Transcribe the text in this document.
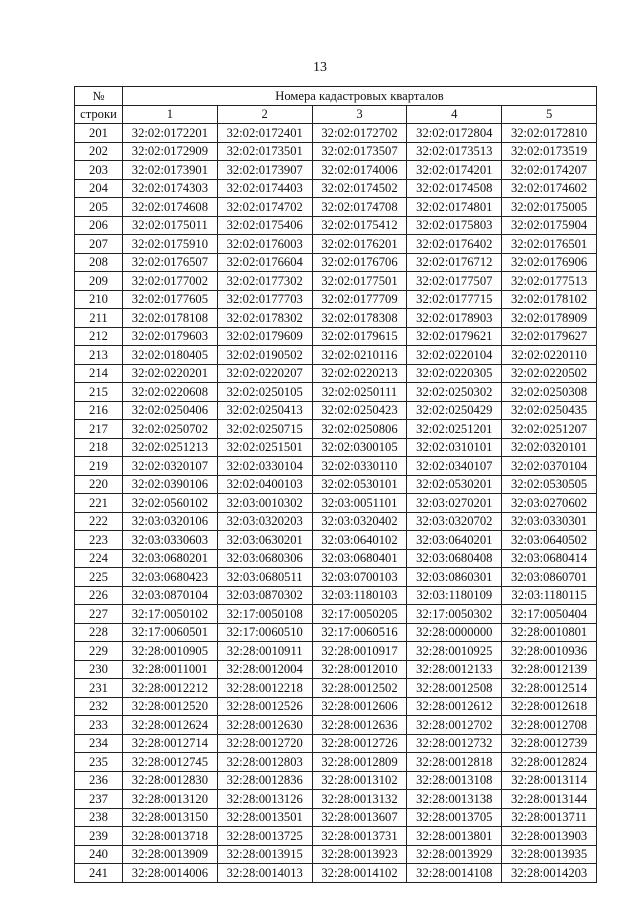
13
№	Номера кадастровых кварталов				
строки	1	2	3	4	5
201	32:02:0172201	32:02:0172401	32:02:0172702	32:02:0172804	32:02:0172810
202	32:02:0172909	32:02:0173501	32:02:0173507	32:02:0173513	32:02:0173519
203	32:02:0173901	32:02:0173907	32:02:0174006	32:02:0174201	32:02:0174207
204	32:02:0174303	32:02:0174403	32:02:0174502	32:02:0174508	32:02:0174602
205	32:02:0174608	32:02:0174702	32:02:0174708	32:02:0174801	32:02:0175005
206	32:02:0175011	32:02:0175406	32:02:0175412	32:02:0175803	32:02:0175904
207	32:02:0175910	32:02:0176003	32:02:0176201	32:02:0176402	32:02:0176501
208	32:02:0176507	32:02:0176604	32:02:0176706	32:02:0176712	32:02:0176906
209	32:02:0177002	32:02:0177302	32:02:0177501	32:02:0177507	32:02:0177513
210	32:02:0177605	32:02:0177703	32:02:0177709	32:02:0177715	32:02:0178102
211	32:02:0178108	32:02:0178302	32:02:0178308	32:02:0178903	32:02:0178909
212	32:02:0179603	32:02:0179609	32:02:0179615	32:02:0179621	32:02:0179627
213	32:02:0180405	32:02:0190502	32:02:0210116	32:02:0220104	32:02:0220110
214	32:02:0220201	32:02:0220207	32:02:0220213	32:02:0220305	32:02:0220502
215	32:02:0220608	32:02:0250105	32:02:0250111	32:02:0250302	32:02:0250308
216	32:02:0250406	32:02:0250413	32:02:0250423	32:02:0250429	32:02:0250435
217	32:02:0250702	32:02:0250715	32:02:0250806	32:02:0251201	32:02:0251207
218	32:02:0251213	32:02:0251501	32:02:0300105	32:02:0310101	32:02:0320101
219	32:02:0320107	32:02:0330104	32:02:0330110	32:02:0340107	32:02:0370104
220	32:02:0390106	32:02:0400103	32:02:0530101	32:02:0530201	32:02:0530505
221	32:02:0560102	32:03:0010302	32:03:0051101	32:03:0270201	32:03:0270602
222	32:03:0320106	32:03:0320203	32:03:0320402	32:03:0320702	32:03:0330301
223	32:03:0330603	32:03:0630201	32:03:0640102	32:03:0640201	32:03:0640502
224	32:03:0680201	32:03:0680306	32:03:0680401	32:03:0680408	32:03:0680414
225	32:03:0680423	32:03:0680511	32:03:0700103	32:03:0860301	32:03:0860701
226	32:03:0870104	32:03:0870302	32:03:1180103	32:03:1180109	32:03:1180115
227	32:17:0050102	32:17:0050108	32:17:0050205	32:17:0050302	32:17:0050404
228	32:17:0060501	32:17:0060510	32:17:0060516	32:28:0000000	32:28:0010801
229	32:28:0010905	32:28:0010911	32:28:0010917	32:28:0010925	32:28:0010936
230	32:28:0011001	32:28:0012004	32:28:0012010	32:28:0012133	32:28:0012139
231	32:28:0012212	32:28:0012218	32:28:0012502	32:28:0012508	32:28:0012514
232	32:28:0012520	32:28:0012526	32:28:0012606	32:28:0012612	32:28:0012618
233	32:28:0012624	32:28:0012630	32:28:0012636	32:28:0012702	32:28:0012708
234	32:28:0012714	32:28:0012720	32:28:0012726	32:28:0012732	32:28:0012739
235	32:28:0012745	32:28:0012803	32:28:0012809	32:28:0012818	32:28:0012824
236	32:28:0012830	32:28:0012836	32:28:0013102	32:28:0013108	32:28:0013114
237	32:28:0013120	32:28:0013126	32:28:0013132	32:28:0013138	32:28:0013144
238	32:28:0013150	32:28:0013501	32:28:0013607	32:28:0013705	32:28:0013711
239	32:28:0013718	32:28:0013725	32:28:0013731	32:28:0013801	32:28:0013903
240	32:28:0013909	32:28:0013915	32:28:0013923	32:28:0013929	32:28:0013935
241	32:28:0014006	32:28:0014013	32:28:0014102	32:28:0014108	32:28:0014203
